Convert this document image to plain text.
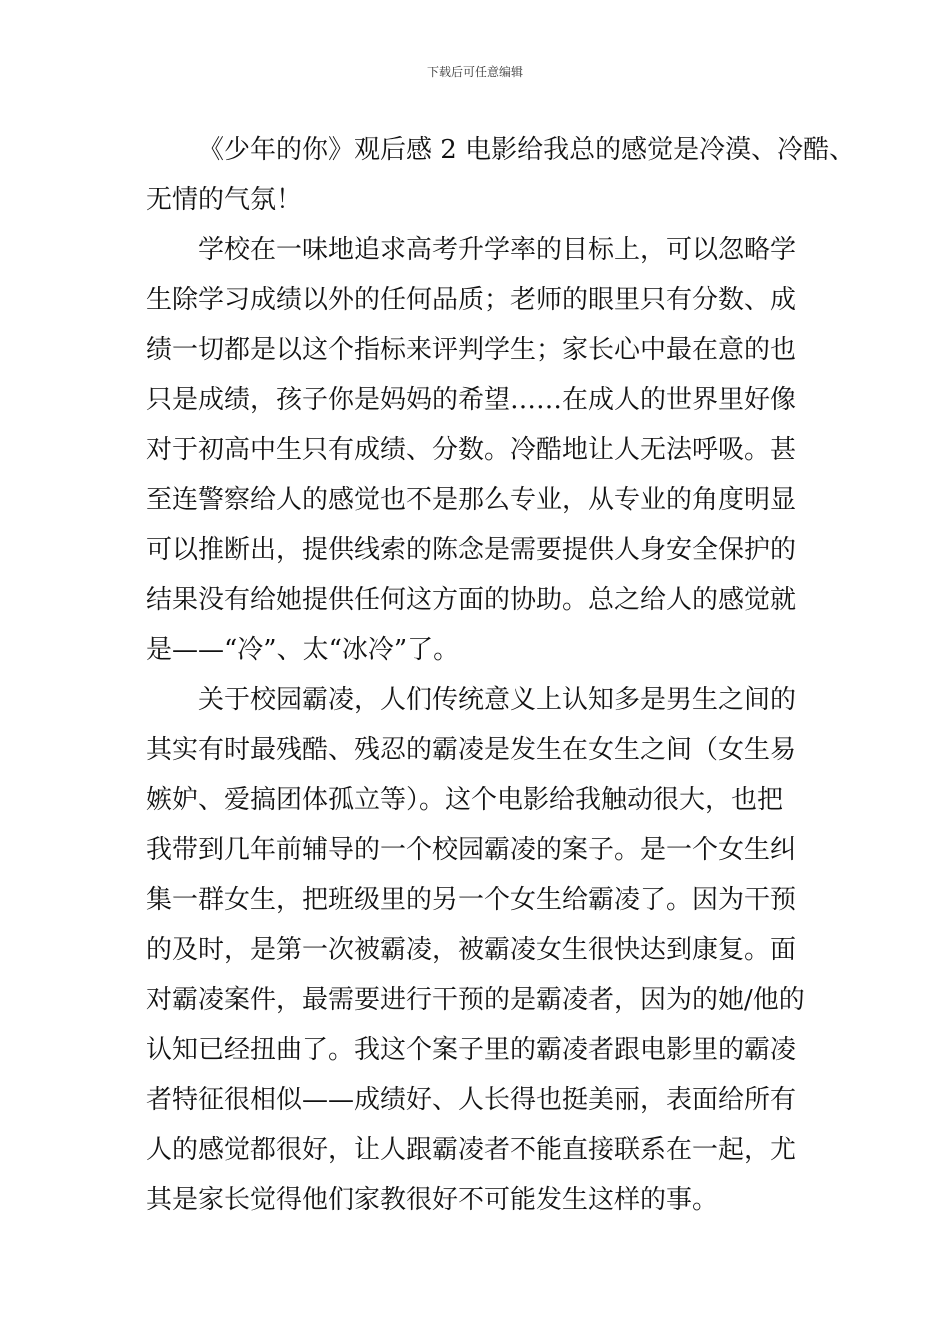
下载后可任意编辑
《少年的你》观后感 2 电影给我总的感觉是冷漠、冷酷、
无情的气氛！
学校在一味地追求高考升学率的目标上，可以忽略学
生除学习成绩以外的任何品质；老师的眼里只有分数、成
绩一切都是以这个指标来评判学生；家长心中最在意的也
只是成绩，孩子你是妈妈的希望……在成人的世界里好像
对于初高中生只有成绩、分数。冷酷地让人无法呼吸。甚
至连警察给人的感觉也不是那么专业，从专业的角度明显
可以推断出，提供线索的陈念是需要提供人身安全保护的
结果没有给她提供任何这方面的协助。总之给人的感觉就
是——“冷”、太“冰冷”了。
关于校园霸凌，人们传统意义上认知多是男生之间的
其实有时最残酷、残忍的霸凌是发生在女生之间（女生易
嫉妒、爱搞团体孤立等）。这个电影给我触动很大，也把
我带到几年前辅导的一个校园霸凌的案子。是一个女生纠
集一群女生，把班级里的另一个女生给霸凌了。因为干预
的及时，是第一次被霸凌，被霸凌女生很快达到康复。面
对霸凌案件，最需要进行干预的是霸凌者，因为的她/他的
认知已经扭曲了。我这个案子里的霸凌者跟电影里的霸凌
者特征很相似——成绩好、人长得也挺美丽，表面给所有
人的感觉都很好，让人跟霸凌者不能直接联系在一起，尤
其是家长觉得他们家教很好不可能发生这样的事。
